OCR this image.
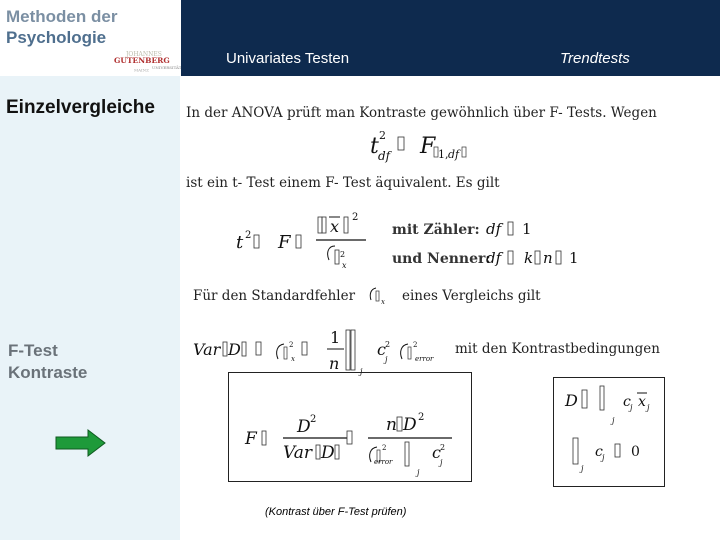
Methoden der
Psychologie
JOHANNES
GUTENBERG
UNIVERSITÄT
MAINZ
Univariates Testen	Trendtests
Einzelvergleiche
F-Test
Kontraste
In der ANOVA prüft man Kontraste gewöhnlich über F- Tests. Wegen
t 2
df F 1, df
ist ein t- Test einem F- Test äquivalent. Es gilt
t 2 F
x 2
2
x
mit Zähler: df 1
und Nenner:
df k n 1
Für den Standardfehler	x eines Vergleichs gilt
Var D	2
x
1
n	j
c 2
j
2
error
mit den Kontrastbedingungen
F
D 2
Var D
n D 2
2
error
j
c 2
j
D
j
c j x j
j
c j 0
(Kontrast über F-Test prüfen)
